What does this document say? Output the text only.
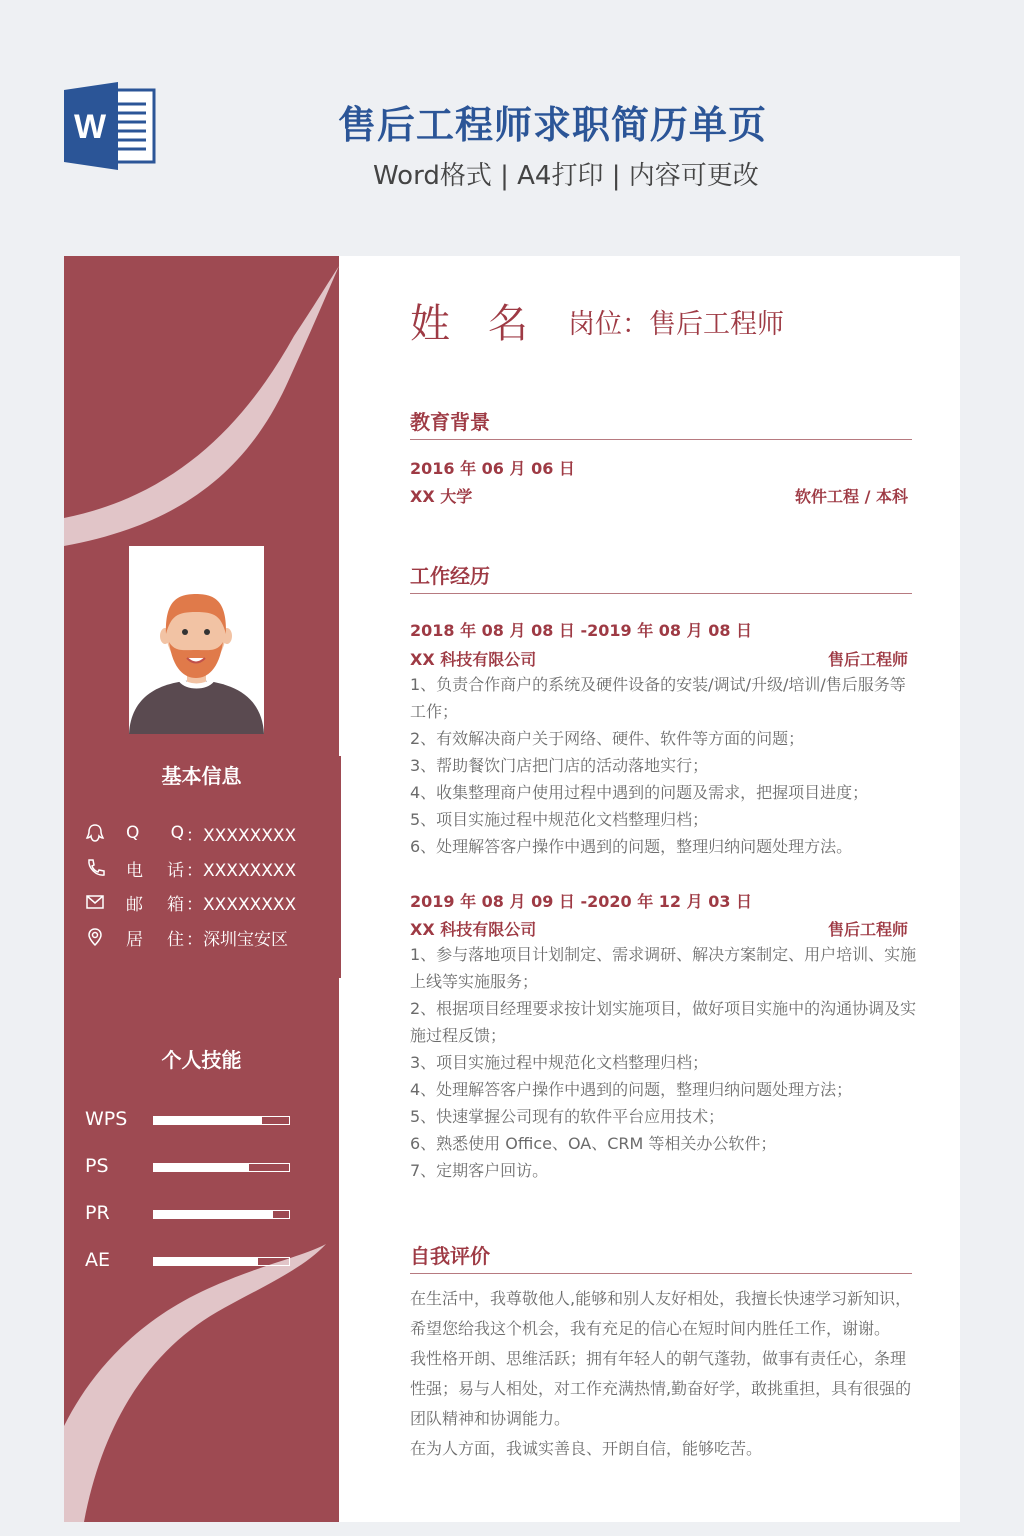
W	售后工程师求职简历单页
Word格式 | A4打印 | 内容可更改
基本信息
Q Q ：XXXXXXXX
电 话 ：XXXXXXXX
邮 箱 ：XXXXXXXX
居 住 ：深圳宝安区
个人技能
WPS
PS
PR
AE
姓名 岗位：售后工程师
教育背景
2016 年 06 月 06 日
XX 大学	软件工程 / 本科
工作经历
2018 年 08 月 08 日 -2019 年 08 月 08 日
XX 科技有限公司	售后工程师
1、负责合作商户的系统及硬件设备的安装/调试/升级/培训/售后服务等工作；
2、有效解决商户关于网络、硬件、软件等方面的问题；
3、帮助餐饮门店把门店的活动落地实行；
4、收集整理商户使用过程中遇到的问题及需求，把握项目进度；
5、项目实施过程中规范化文档整理归档；
6、处理解答客户操作中遇到的问题，整理归纳问题处理方法。
2019 年 08 月 09 日 -2020 年 12 月 03 日
XX 科技有限公司	售后工程师
1、参与落地项目计划制定、需求调研、解决方案制定、用户培训、实施上线等实施服务；
2、根据项目经理要求按计划实施项目，做好项目实施中的沟通协调及实施过程反馈；
3、项目实施过程中规范化文档整理归档；
4、处理解答客户操作中遇到的问题，整理归纳问题处理方法；
5、快速掌握公司现有的软件平台应用技术；
6、熟悉使用 Office、OA、CRM 等相关办公软件；
7、定期客户回访。
自我评价
在生活中，我尊敬他人,能够和别人友好相处，我擅长快速学习新知识，希望您给我这个机会，我有充足的信心在短时间内胜任工作，谢谢。
我性格开朗、思维活跃；拥有年轻人的朝气蓬勃，做事有责任心，条理性强；易与人相处，对工作充满热情,勤奋好学，敢挑重担，具有很强的团队精神和协调能力。
在为人方面，我诚实善良、开朗自信，能够吃苦。
